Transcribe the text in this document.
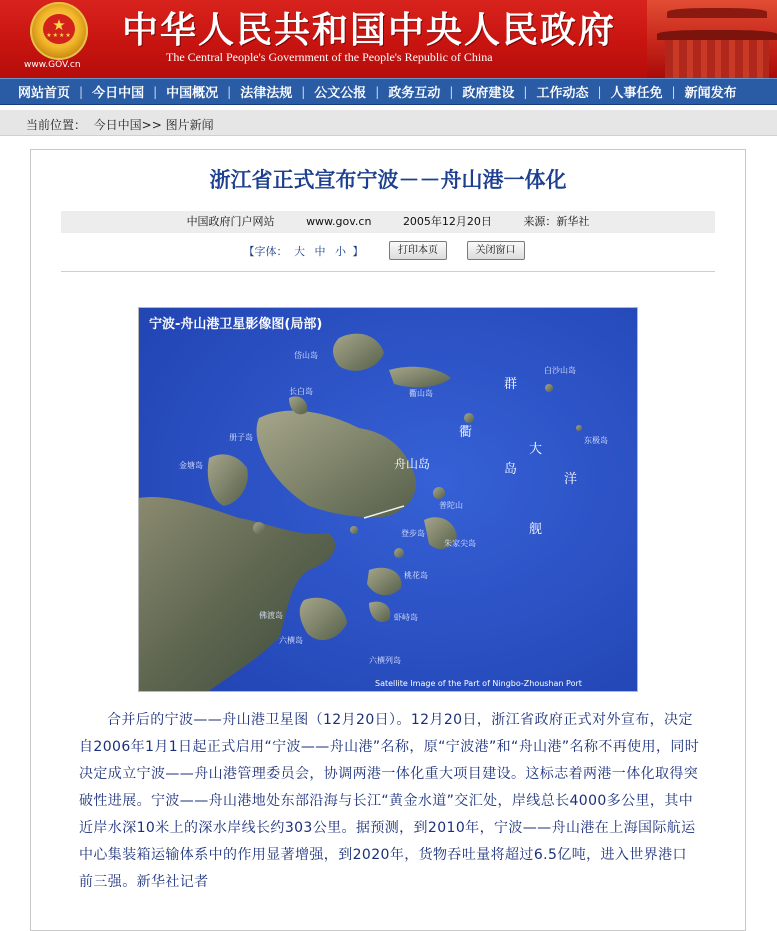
★
★★★★
www.GOV.cn
中华人民共和国中央人民政府
The Central People's Government of the People's Republic of China
网站首页 | 今日中国 | 中国概况 | 法律法规 | 公文公报 | 政务互动 | 政府建设 | 工作动态 | 人事任免 | 新闻发布
当前位置： 今日中国>> 图片新闻
浙江省正式宣布宁波－－舟山港一体化
中国政府门户网站	www.gov.cn	2005年12月20日	来源：新华社
【字体： 大 中 小 】	打印本页	关闭窗口
宁波-舟山港卫星影像图(局部)
舟山岛
群
衢
岛
大
洋
舰
岱山岛
衢山岛
长白岛
册子岛
金塘岛
普陀山
朱家尖岛
登步岛
桃花岛
虾峙岛
六横岛
六横列岛
佛渡岛
白沙山岛
东极岛
Satellite Image of the Part of Ningbo-Zhoushan Port
合并后的宁波——舟山港卫星图（12月20日）。12月20日，浙江省政府正式对外宣布，决定自2006年1月1日起正式启用“宁波——舟山港”名称，原“宁波港”和“舟山港”名称不再使用，同时决定成立宁波——舟山港管理委员会，协调两港一体化重大项目建设。这标志着两港一体化取得突破性进展。宁波——舟山港地处东部沿海与长江“黄金水道”交汇处，岸线总长4000多公里，其中近岸水深10米上的深水岸线长约303公里。据预测，到2010年，宁波——舟山港在上海国际航运中心集装箱运输体系中的作用显著增强，到2020年，货物吞吐量将超过6.5亿吨，进入世界港口前三强。新华社记者
